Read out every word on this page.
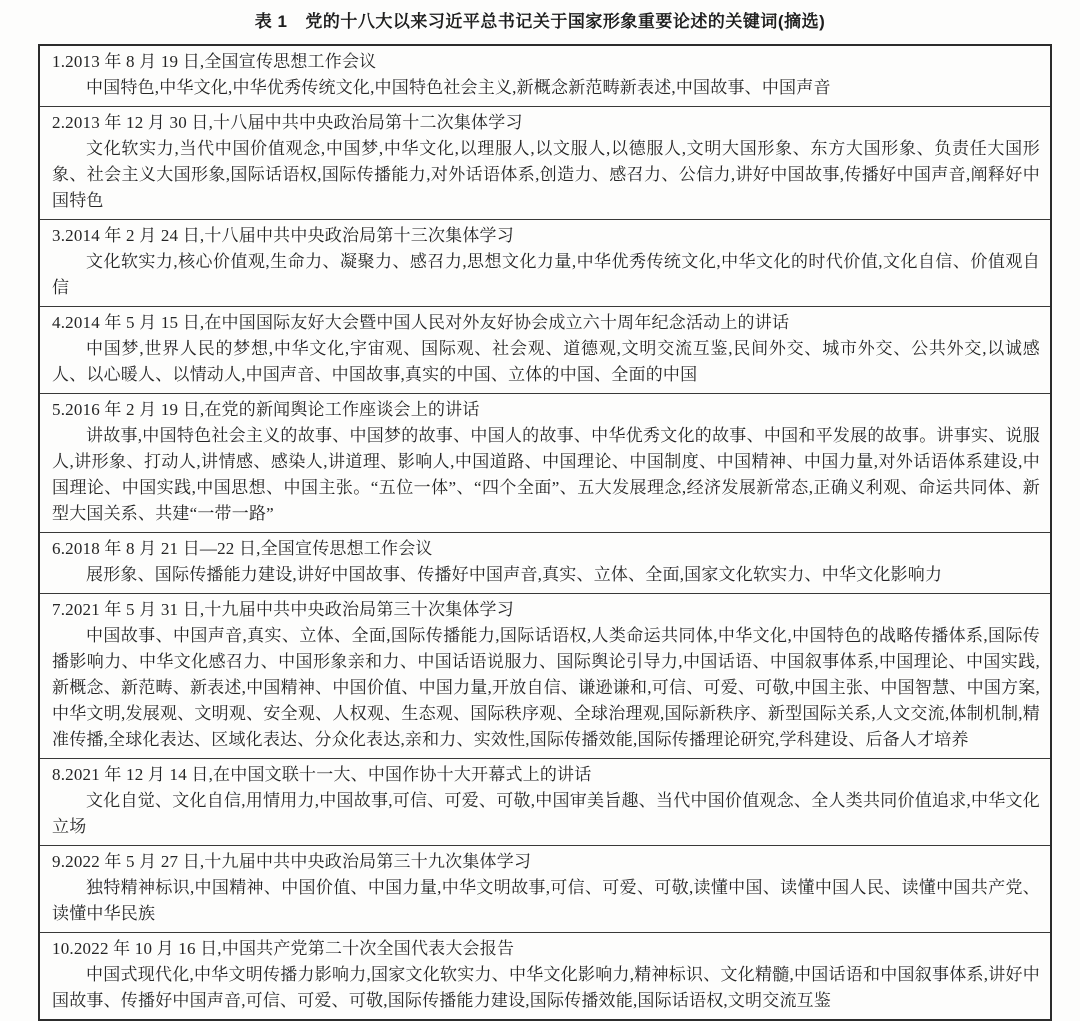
表 1 党的十八大以来习近平总书记关于国家形象重要论述的关键词(摘选)
1.2013 年 8 月 19 日,全国宣传思想工作会议

中国特色,中华文化,中华优秀传统文化,中国特色社会主义,新概念新范畴新表述,中国故事、中国声音

2.2013 年 12 月 30 日,十八届中共中央政治局第十二次集体学习

文化软实力,当代中国价值观念,中国梦,中华文化,以理服人,以文服人,以德服人,文明大国形象、东方大国形象、负责任大国形象、社会主义大国形象,国际话语权,国际传播能力,对外话语体系,创造力、感召力、公信力,讲好中国故事,传播好中国声音,阐释好中国特色

3.2014 年 2 月 24 日,十八届中共中央政治局第十三次集体学习

文化软实力,核心价值观,生命力、凝聚力、感召力,思想文化力量,中华优秀传统文化,中华文化的时代价值,文化自信、价值观自信

4.2014 年 5 月 15 日,在中国国际友好大会暨中国人民对外友好协会成立六十周年纪念活动上的讲话

中国梦,世界人民的梦想,中华文化,宇宙观、国际观、社会观、道德观,文明交流互鉴,民间外交、城市外交、公共外交,以诚感人、以心暖人、以情动人,中国声音、中国故事,真实的中国、立体的中国、全面的中国

5.2016 年 2 月 19 日,在党的新闻舆论工作座谈会上的讲话

讲故事,中国特色社会主义的故事、中国梦的故事、中国人的故事、中华优秀文化的故事、中国和平发展的故事。讲事实、说服人,讲形象、打动人,讲情感、感染人,讲道理、影响人,中国道路、中国理论、中国制度、中国精神、中国力量,对外话语体系建设,中国理论、中国实践,中国思想、中国主张。“五位一体”、“四个全面”、五大发展理念,经济发展新常态,正确义利观、命运共同体、新型大国关系、共建“一带一路”

6.2018 年 8 月 21 日—22 日,全国宣传思想工作会议

展形象、国际传播能力建设,讲好中国故事、传播好中国声音,真实、立体、全面,国家文化软实力、中华文化影响力

7.2021 年 5 月 31 日,十九届中共中央政治局第三十次集体学习

中国故事、中国声音,真实、立体、全面,国际传播能力,国际话语权,人类命运共同体,中华文化,中国特色的战略传播体系,国际传播影响力、中华文化感召力、中国形象亲和力、中国话语说服力、国际舆论引导力,中国话语、中国叙事体系,中国理论、中国实践,新概念、新范畴、新表述,中国精神、中国价值、中国力量,开放自信、谦逊谦和,可信、可爱、可敬,中国主张、中国智慧、中国方案,中华文明,发展观、文明观、安全观、人权观、生态观、国际秩序观、全球治理观,国际新秩序、新型国际关系,人文交流,体制机制,精准传播,全球化表达、区域化表达、分众化表达,亲和力、实效性,国际传播效能,国际传播理论研究,学科建设、后备人才培养

8.2021 年 12 月 14 日,在中国文联十一大、中国作协十大开幕式上的讲话

文化自觉、文化自信,用情用力,中国故事,可信、可爱、可敬,中国审美旨趣、当代中国价值观念、全人类共同价值追求,中华文化立场

9.2022 年 5 月 27 日,十九届中共中央政治局第三十九次集体学习

独特精神标识,中国精神、中国价值、中国力量,中华文明故事,可信、可爱、可敬,读懂中国、读懂中国人民、读懂中国共产党、读懂中华民族

10.2022 年 10 月 16 日,中国共产党第二十次全国代表大会报告

中国式现代化,中华文明传播力影响力,国家文化软实力、中华文化影响力,精神标识、文化精髓,中国话语和中国叙事体系,讲好中国故事、传播好中国声音,可信、可爱、可敬,国际传播能力建设,国际传播效能,国际话语权,文明交流互鉴
